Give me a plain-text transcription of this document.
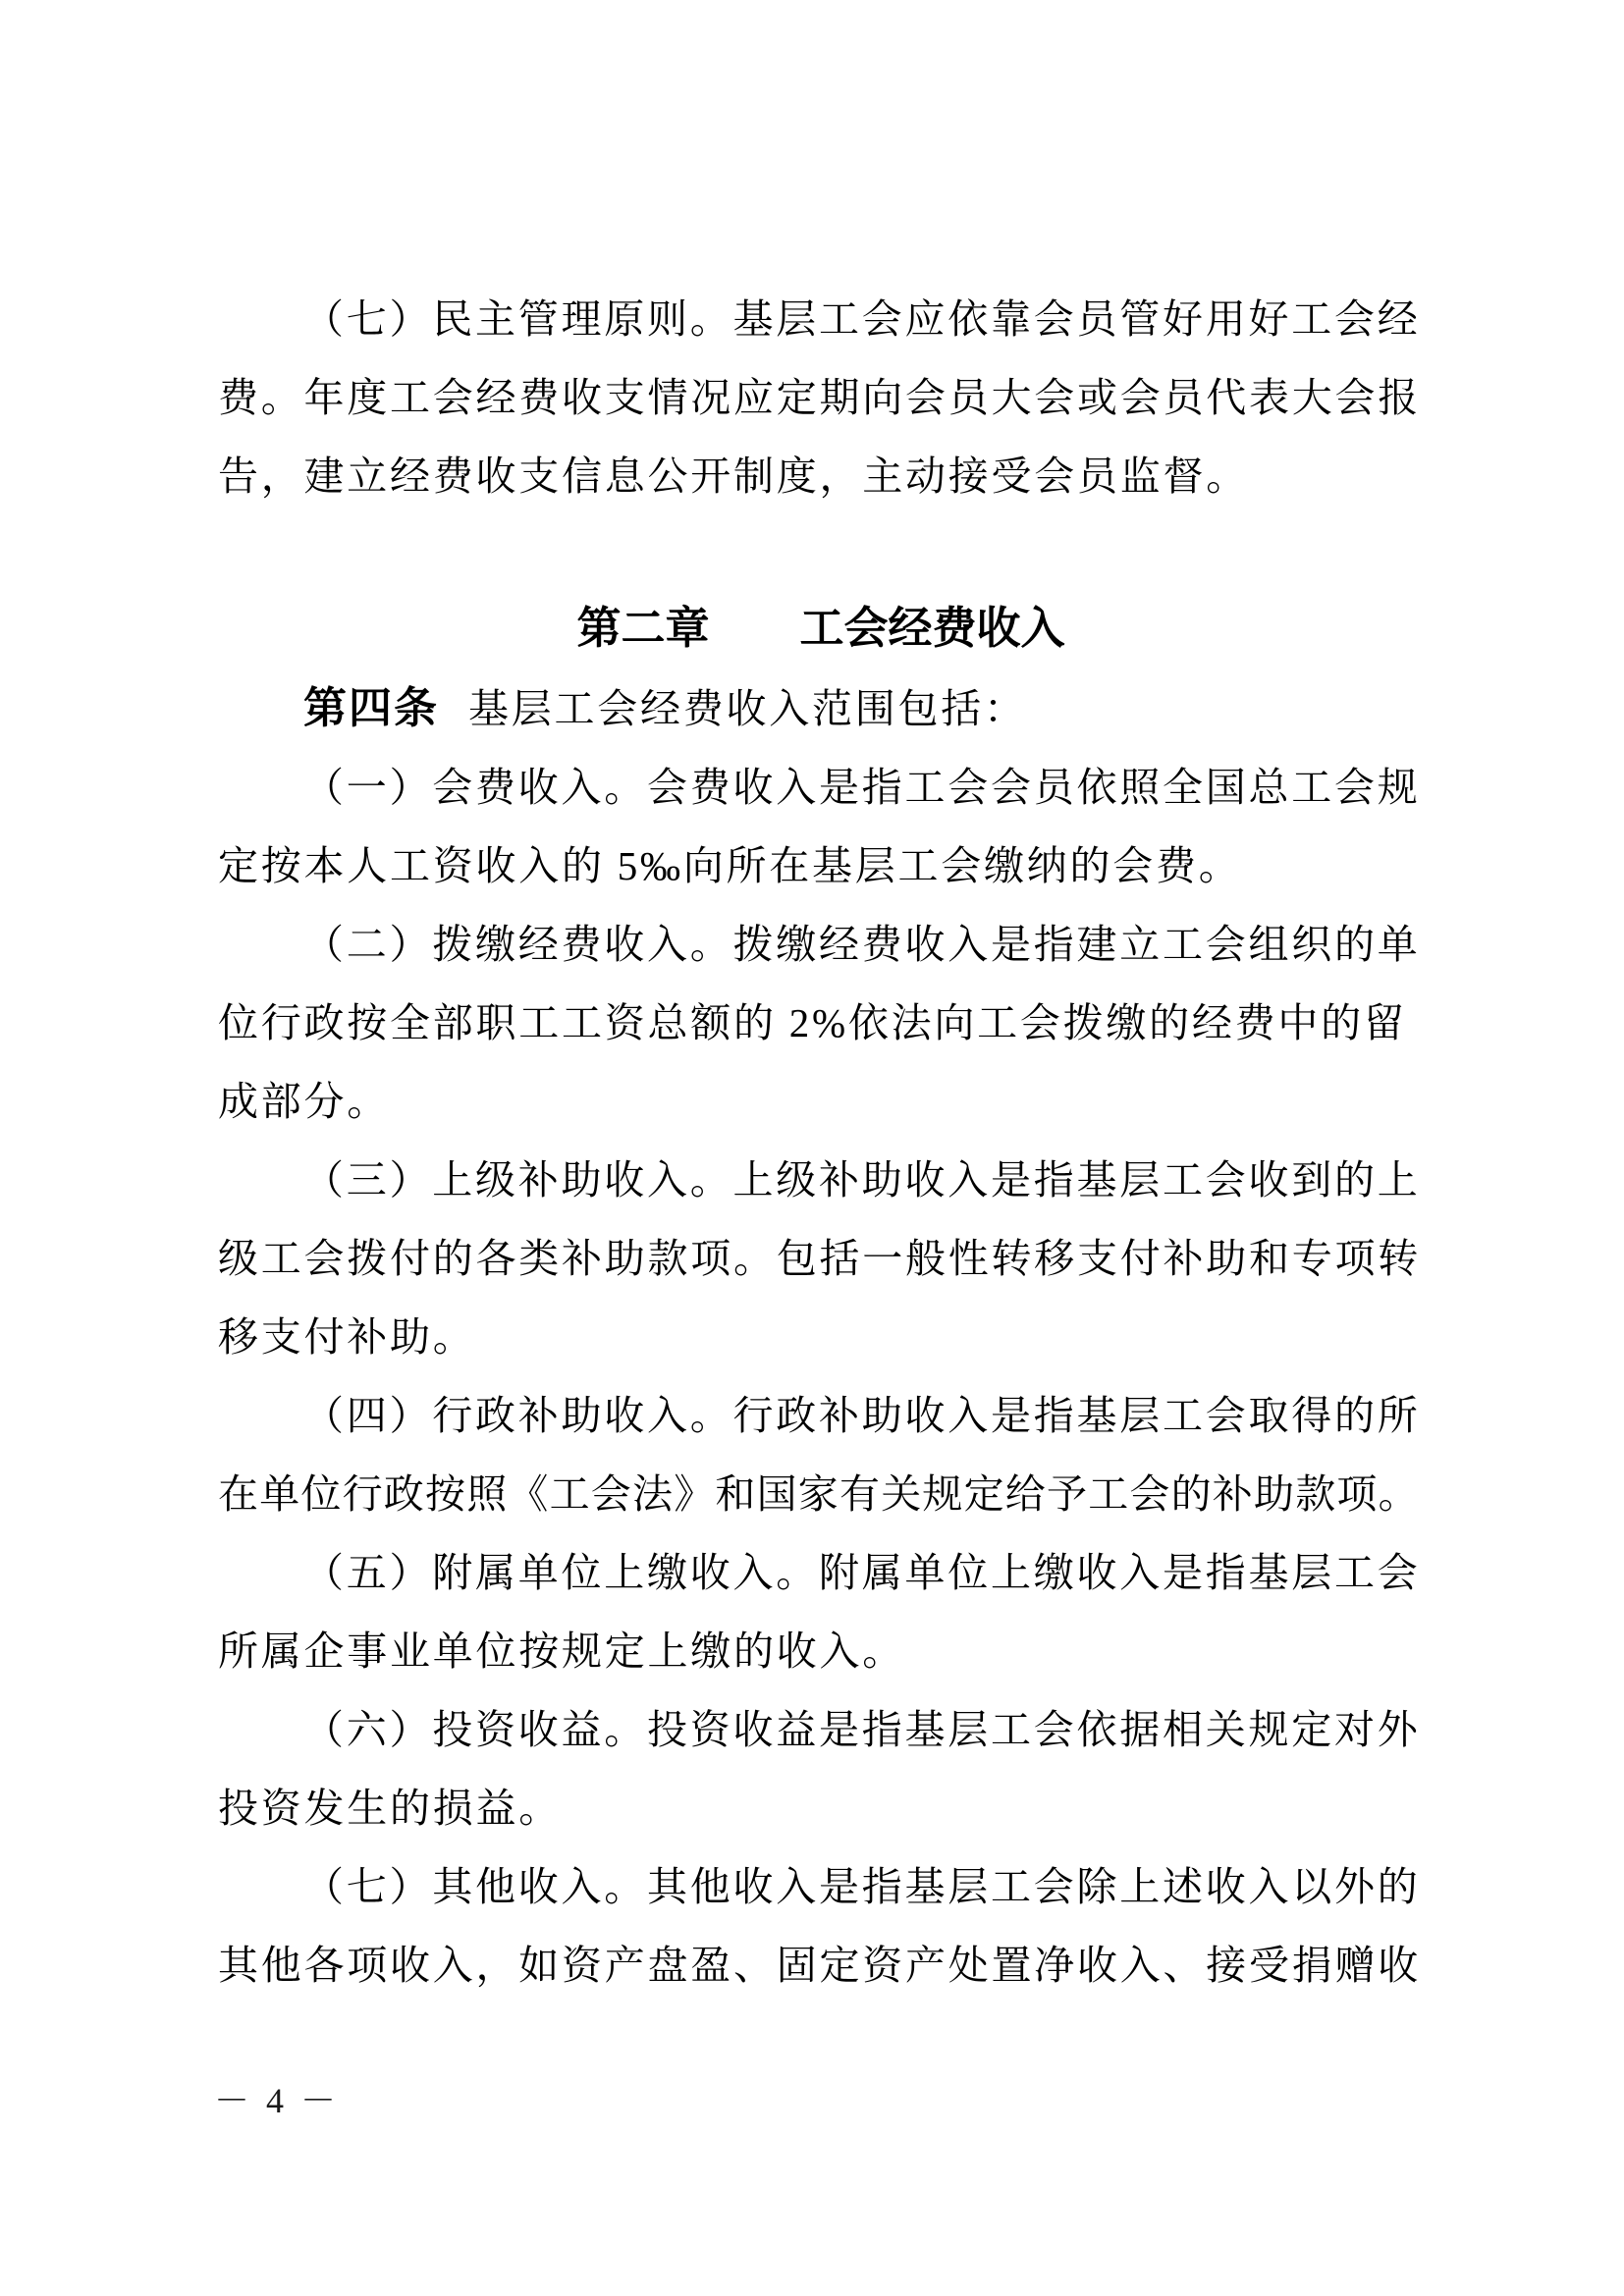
（七）民主管理原则。基层工会应依靠会员管好用好工会经
费。年度工会经费收支情况应定期向会员大会或会员代表大会报
告，建立经费收支信息公开制度，主动接受会员监督。
第二章 工会经费收入
第四条 基层工会经费收入范围包括：
（一）会费收入。会费收入是指工会会员依照全国总工会规
定按本人工资收入的 5‰向所在基层工会缴纳的会费。
（二）拨缴经费收入。拨缴经费收入是指建立工会组织的单
位行政按全部职工工资总额的 2%依法向工会拨缴的经费中的留
成部分。
（三）上级补助收入。上级补助收入是指基层工会收到的上
级工会拨付的各类补助款项。包括一般性转移支付补助和专项转
移支付补助。
（四）行政补助收入。行政补助收入是指基层工会取得的所
在单位行政按照《工会法》和国家有关规定给予工会的补助款项。
（五）附属单位上缴收入。附属单位上缴收入是指基层工会
所属企事业单位按规定上缴的收入。
（六）投资收益。投资收益是指基层工会依据相关规定对外
投资发生的损益。
（七）其他收入。其他收入是指基层工会除上述收入以外的
其他各项收入，如资产盘盈、固定资产处置净收入、接受捐赠收
－ 4 －
